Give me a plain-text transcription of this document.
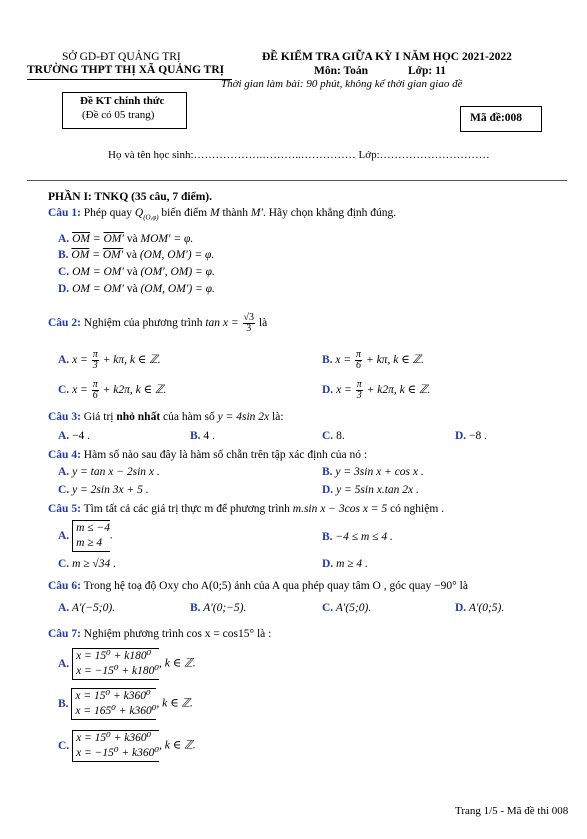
SỞ GD-ĐT QUẢNG TRỊ
TRƯỜNG THPT THỊ XÃ QUẢNG TRỊ
ĐỀ KIỂM TRA GIỮA KỲ I NĂM HỌC 2021-2022
Môn: Toán	Lớp: 11
Thời gian làm bài: 90 phút, không kể thời gian giao đề
Đề KT chính thức
(Đề có 05 trang)	Mã đề:008
Họ và tên học sinh:……………….………..…………… Lớp:…………………………
PHẦN I: TNKQ (35 câu, 7 điểm).
Câu 1: Phép quay $Q_{(O,\varphi)}$ biến điểm M thành M′. Hãy chọn khẳng định đúng.
A. $\overline{OM} = OM'$ và MOM′ = φ.
B. $\overline{OM} = OM'$ và (OM, OM′) = φ.
C. OM = OM′ và (OM′, OM) = φ.
D. OM = OM′ và (OM, OM′) = φ.
Câu 2: Nghiệm của phương trình $\tan x = \frac{√3}{3}$ là
A. $x = \frac{\pi}{3} + k\pi$, k ∈ ℤ.	B. $x = \frac{\pi}{6} + k\pi$, k ∈ ℤ.
C. $x = \frac{\pi}{6} + k2\pi$, k ∈ ℤ.	D. $x = \frac{\pi}{3} + k2\pi$, k ∈ ℤ.
Câu 3: Giá trị nhỏ nhất của hàm số y = 4sin 2x là:
A. −4 .	B. 4 .	C. 8.	D. −8 .
Câu 4: Hàm số nào sau đây là hàm số chẵn trên tập xác định của nó :
A. y = tan x − 2sin x .	B. y = 3sin x + cos x .
C. y = 2sin 3x + 5 .	D. y = 5sin x.tan 2x .
Câu 5: Tìm tất cả các giá trị thực m để phương trình m.sin x − 3cos x = 5 có nghiệm .
A. m ≤ −4
m ≥ 4.	B. −4 ≤ m ≤ 4 .
C. m ≥ √34 .	D. m ≥ 4 .
Câu 6: Trong hệ toạ độ Oxy cho A(0;5) ảnh của A qua phép quay tâm O , góc quay −90° là
A. A′(−5;0).	B. A′(0;−5).	C. A′(5;0).	D. A′(0;5).
Câu 7: Nghiệm phương trình cos x = cos15° là :
A. x = 15⁰ + k180⁰
x = −15⁰ + k180⁰, k ∈ ℤ.
B. x = 15⁰ + k360⁰
x = 165⁰ + k360⁰, k ∈ ℤ.
C. x = 15⁰ + k360⁰
x = −15⁰ + k360⁰, k ∈ ℤ.
Trang 1/5 - Mã đề thi 008
